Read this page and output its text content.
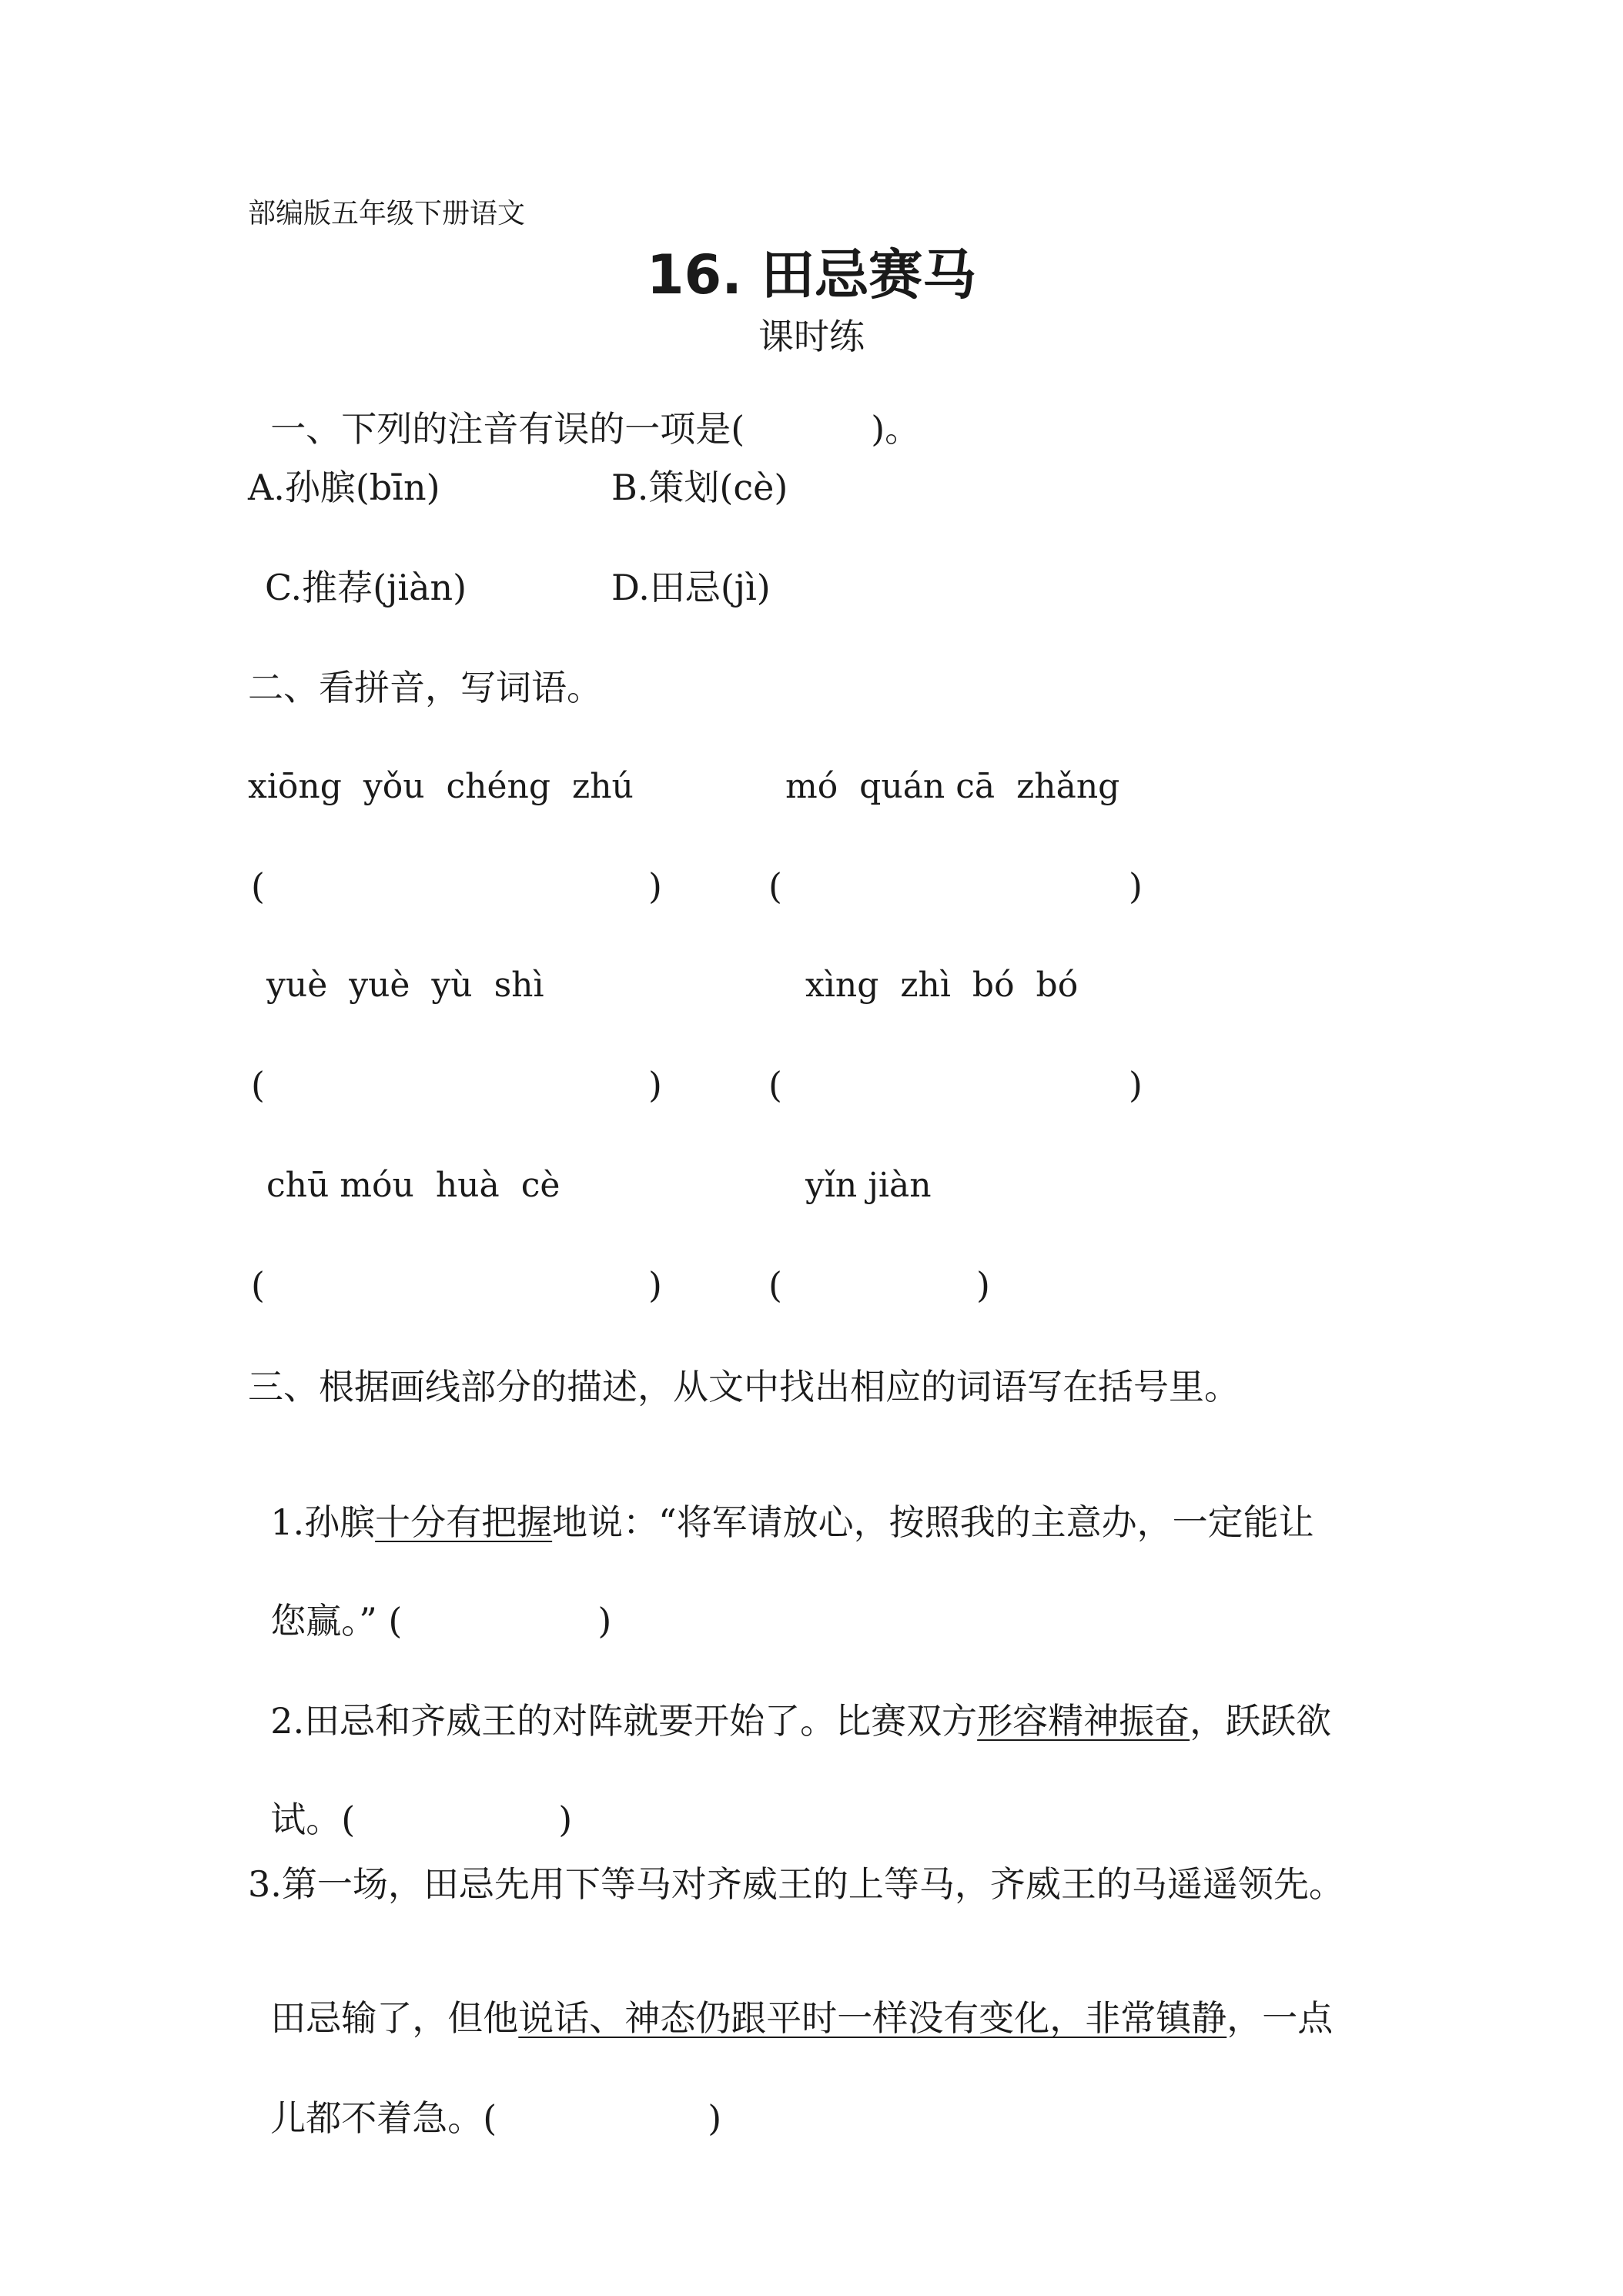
部编版五年级下册语文
16. 田忌赛马
课时练

一、下列的注音有误的一项是(	)。

A.孙膑(bīn)	B.策划(cè)
C.推荐(jiàn)	D.田忌(jì)
二、看拼音，写词语。
xiōng  yǒu  chéng  zhú	mó  quán cā  zhǎng
(	)	(	)
yuè  yuè  yù  shì	xìng  zhì  bó  bó
(	)	(	)
chū móu  huà  cè	yǐn jiàn
(	)	(	)
三、根据画线部分的描述，从文中找出相应的词语写在括号里。

1.孙膑十分有把握地说：“将军请放心，按照我的主意办，一定能让

您赢。” (	)

2.田忌和齐威王的对阵就要开始了。比赛双方形容精神振奋，跃跃欲

试。(	)

3.第一场，田忌先用下等马对齐威王的上等马，齐威王的马遥遥领先。

田忌输了，但他说话、神态仍跟平时一样没有变化，非常镇静，一点

儿都不着急。(	)
